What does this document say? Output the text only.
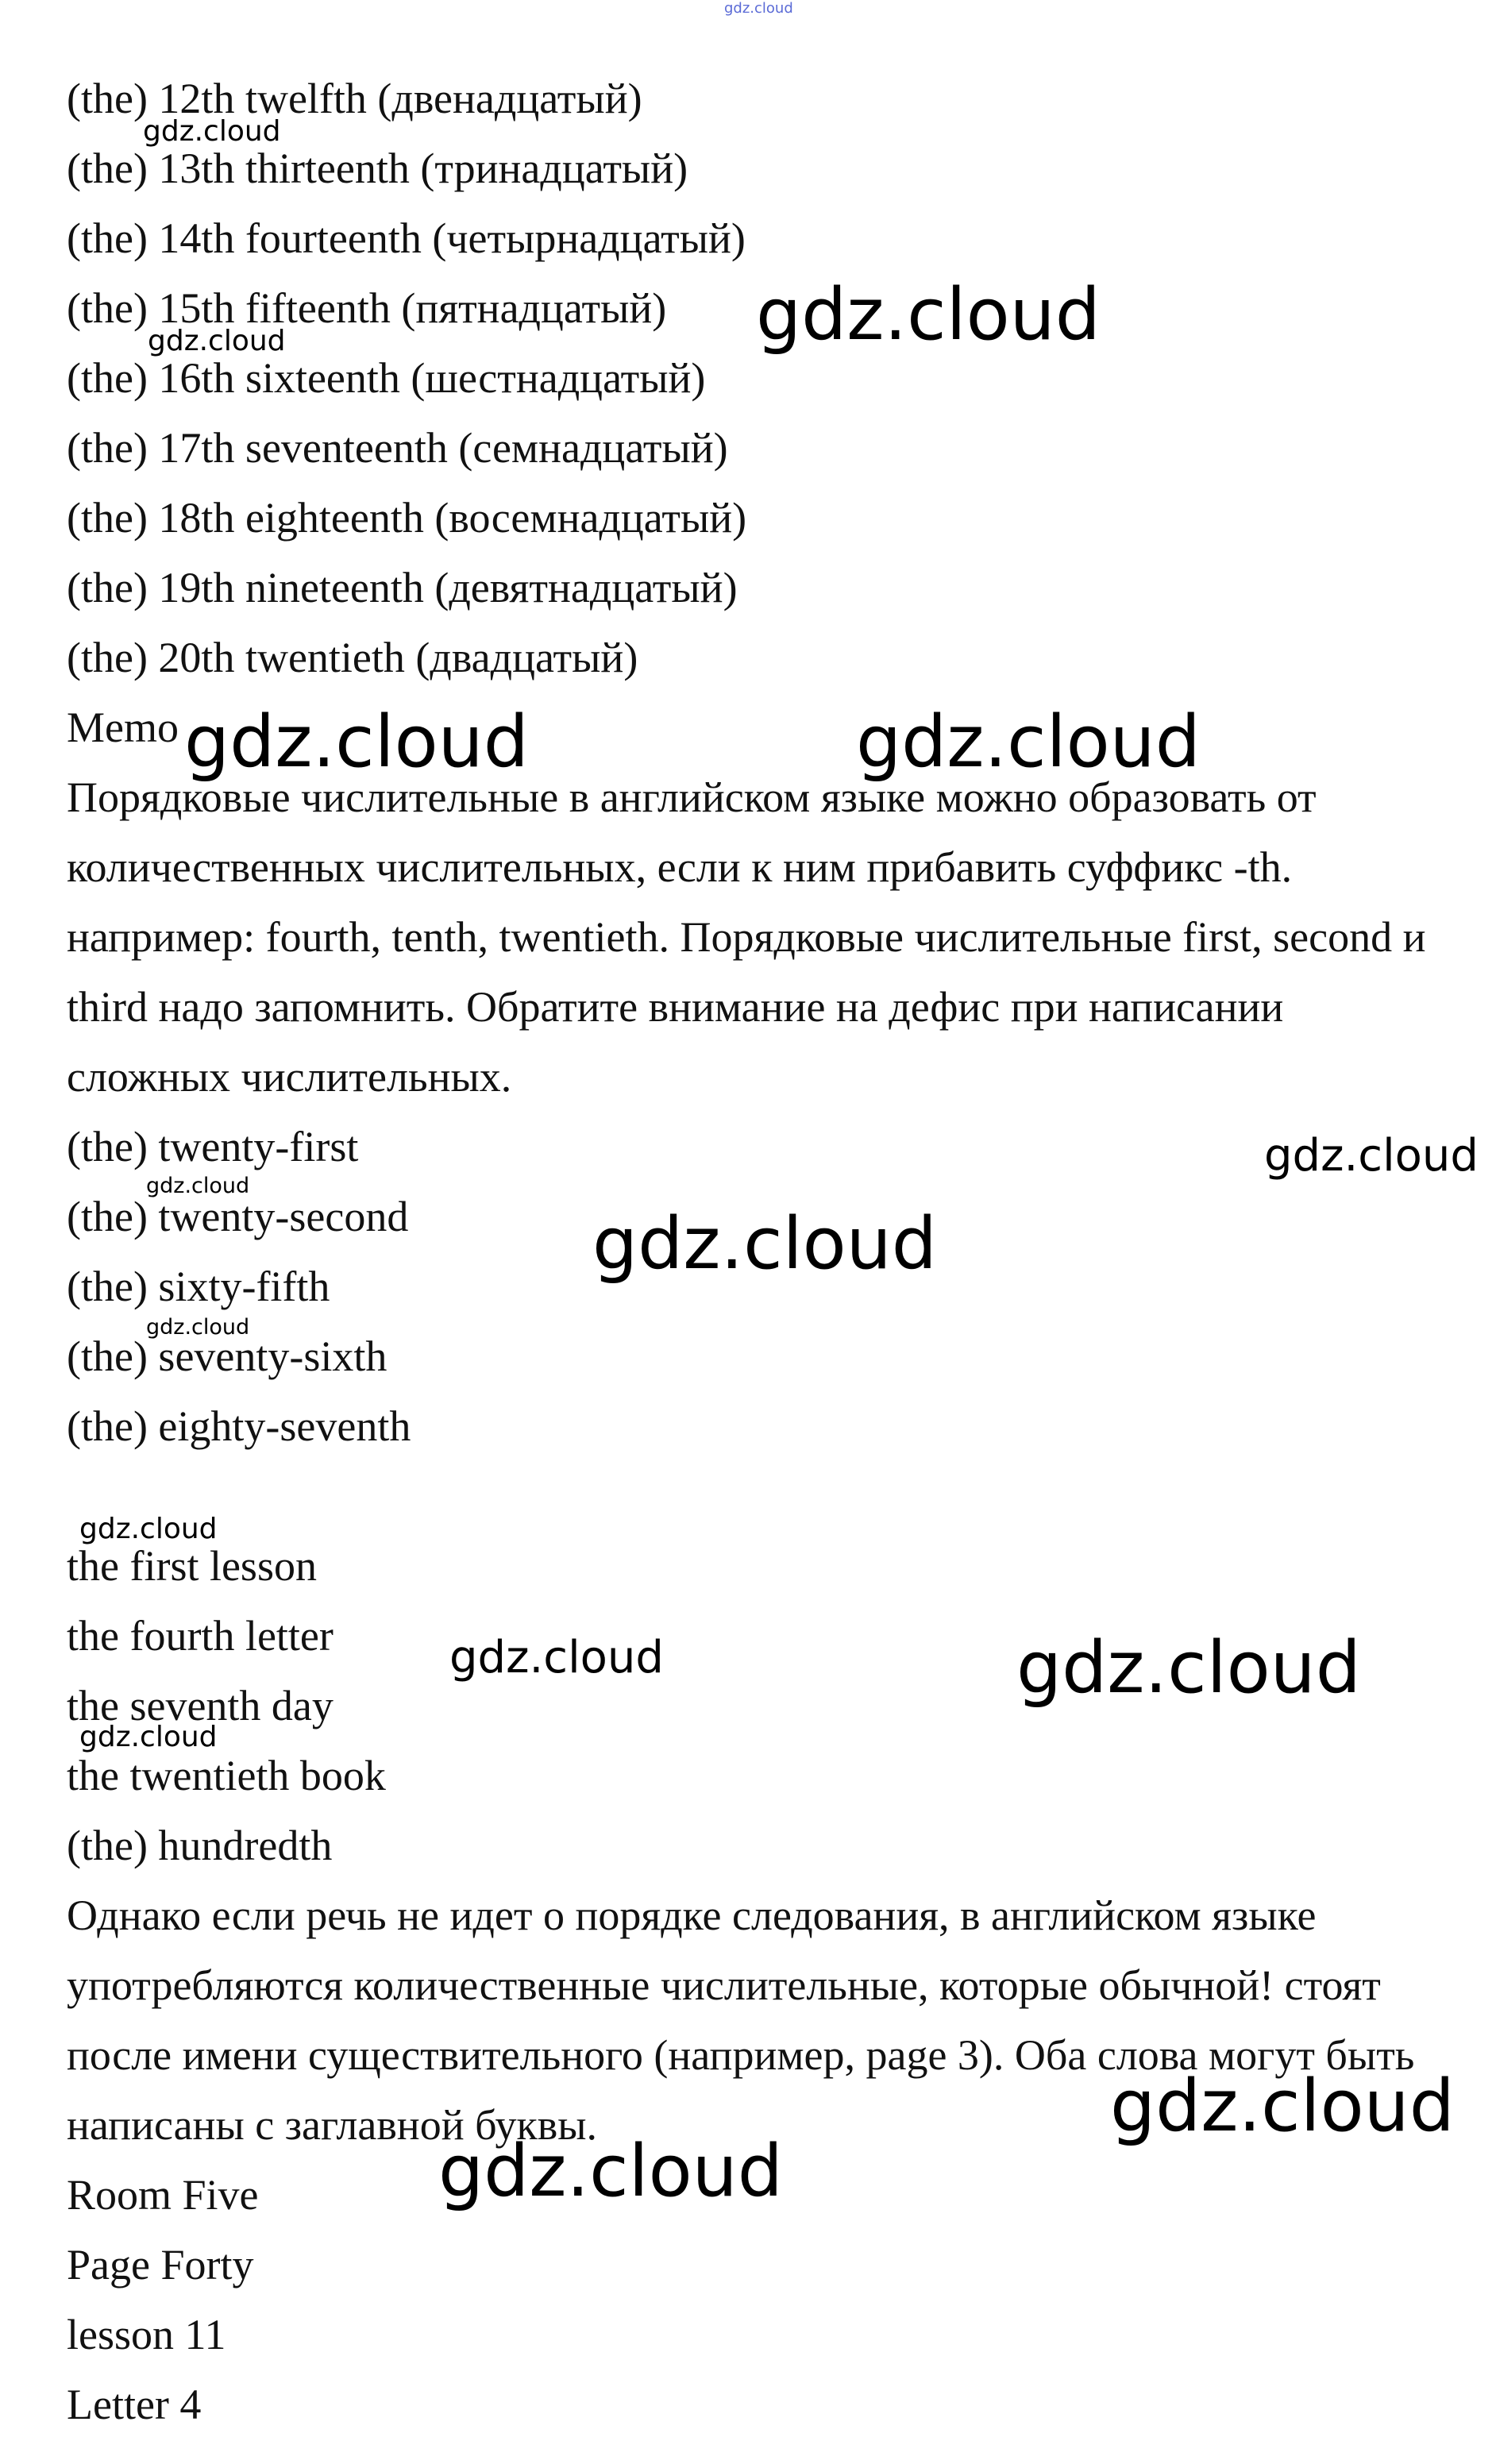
(the) 12th twelfth (двенадцатый)

(the) 13th thirteenth (тринадцатый)

(the) 14th fourteenth (четырнадцатый)

(the) 15th fifteenth (пятнадцатый)

(the) 16th sixteenth (шестнадцатый)

(the) 17th seventeenth (семнадцатый)

(the) 18th eighteenth (восемнадцатый)

(the) 19th nineteenth (девятнадцатый)

(the) 20th twentieth (двадцатый)

Memo

Порядковые числительные в английском языке можно образовать от количественных числительных, если к ним прибавить суффикс -th. например: fourth, tenth, twentieth. Порядковые числительные first, second и third надо запомнить. Обратите внимание на дефис при написании сложных числительных.

(the) twenty-first

(the) twenty-second

(the) sixty-fifth

(the) seventy-sixth

(the) eighty-seventh

the first lesson

the fourth letter

the seventh day

the twentieth book

(the) hundredth

Однако если речь не идет о порядке следования, в английском языке употребляются количественные числительные, которые обычной! стоят после имени существительного (например, page 3). Оба слова могут быть написаны с заглавной буквы.

Room Five

Page Forty

lesson 11

Letter 4

gdz.cloud
gdz.cloud
gdz.cloud
gdz.cloud
gdz.cloud	gdz.cloud
gdz.cloud
gdz.cloud
gdz.cloud
gdz.cloud
gdz.cloud
gdz.cloud	gdz.cloud
gdz.cloud
gdz.cloud
gdz.cloud
